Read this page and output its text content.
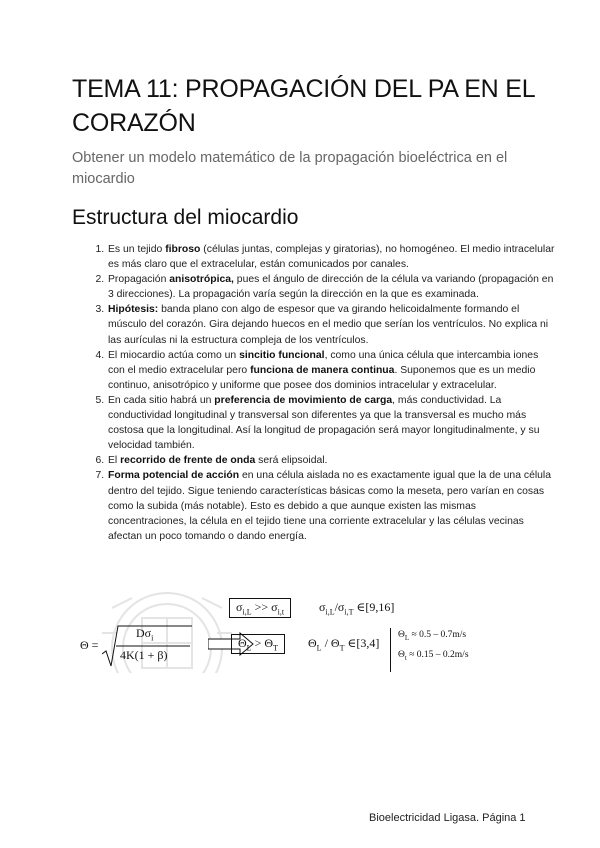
TEMA 11: PROPAGACIÓN DEL PA EN EL CORAZÓN

Obtener un modelo matemático de la propagación bioeléctrica en el miocardio

Estructura del miocardio
1. Es un tejido fibroso (células juntas, complejas y giratorias), no homogéneo. El medio intracelular es más claro que el extracelular, están comunicados por canales.
2. Propagación anisotrópica, pues el ángulo de dirección de la célula va variando (propagación en 3 direcciones). La propagación varía según la dirección en la que es examinada.
3. Hipótesis: banda plano con algo de espesor que va girando helicoidalmente formando el músculo del corazón. Gira dejando huecos en el medio que serían los ventrículos. No explica ni las aurículas ni la estructura compleja de los ventrículos.
4. El miocardio actúa como un sincitio funcional, como una única célula que intercambia iones con el medio extracelular pero funciona de manera continua. Suponemos que es un medio continuo, anisotrópico y uniforme que posee dos dominios intracelular y extracelular.
5. En cada sitio habrá un preferencia de movimiento de carga, más conductividad. La conductividad longitudinal y transversal son diferentes ya que la transversal es mucho más costosa que la longitudinal. Así la longitud de propagación será mayor longitudinalmente, y su velocidad también.
6. El recorrido de frente de onda será elipsoidal.
7. Forma potencial de acción en una célula aislada no es exactamente igual que la de una célula dentro del tejido. Sigue teniendo características básicas como la meseta, pero varían en cosas como la subida (más notable). Esto es debido a que aunque existen las mismas concentraciones, la célula en el tejido tiene una corriente extracelular y las células vecinas afectan un poco tomando o dando energía.
Θ =
$D\sigma_i$
4K(1 + β)
$\sigma_{i,L} >> \sigma_{i,t}$	$\sigma_{i,L}/\sigma_{i,T}$ ∈[9,16]
$\Theta_L > \Theta_T$	$\Theta_L / \Theta_T$ ∈[3,4]
$\Theta_L \approx 0.5 - 0.7m/s$
$\Theta_t \approx 0.15 - 0.2m/s$
Bioelectricidad Ligasa. Página 1
